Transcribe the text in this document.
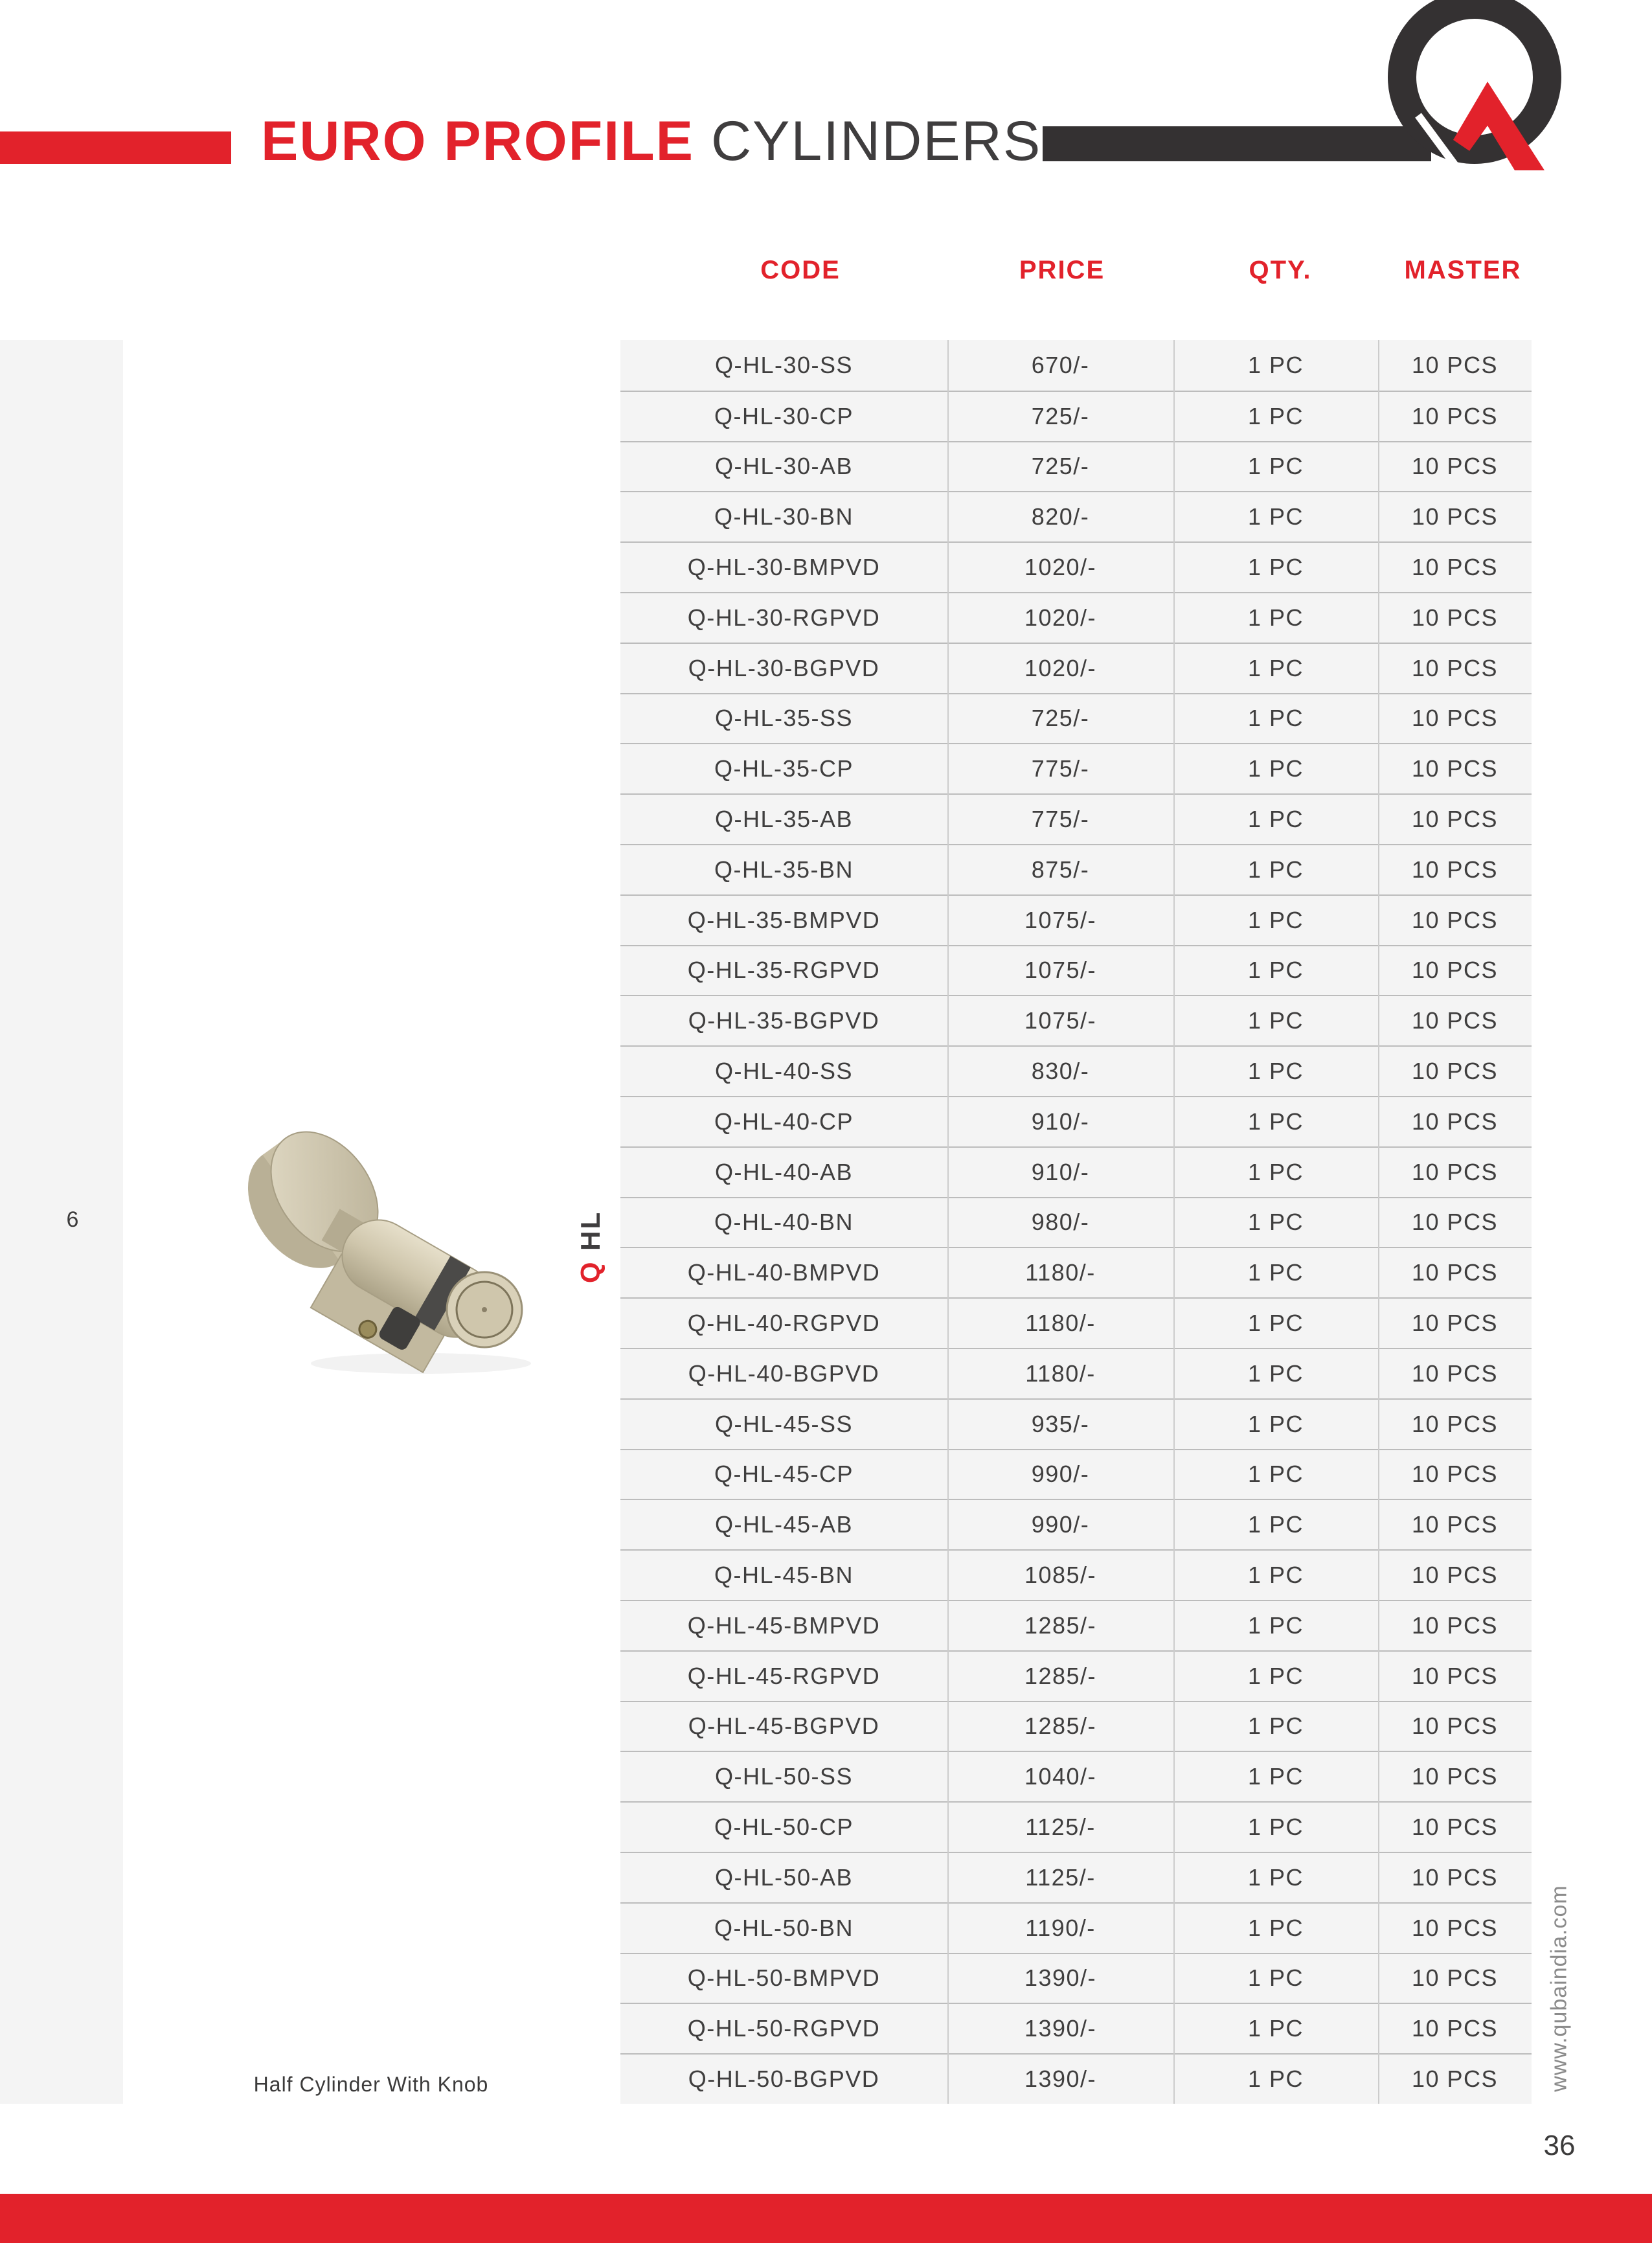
EURO PROFILE CYLINDERS
CODE	PRICE	QTY.	MASTER
6
Q HL
Q-HL-30-SS	670/-	1 PC	10 PCS
Q-HL-30-CP	725/-	1 PC	10 PCS
Q-HL-30-AB	725/-	1 PC	10 PCS
Q-HL-30-BN	820/-	1 PC	10 PCS
Q-HL-30-BMPVD	1020/-	1 PC	10 PCS
Q-HL-30-RGPVD	1020/-	1 PC	10 PCS
Q-HL-30-BGPVD	1020/-	1 PC	10 PCS
Q-HL-35-SS	725/-	1 PC	10 PCS
Q-HL-35-CP	775/-	1 PC	10 PCS
Q-HL-35-AB	775/-	1 PC	10 PCS
Q-HL-35-BN	875/-	1 PC	10 PCS
Q-HL-35-BMPVD	1075/-	1 PC	10 PCS
Q-HL-35-RGPVD	1075/-	1 PC	10 PCS
Q-HL-35-BGPVD	1075/-	1 PC	10 PCS
Q-HL-40-SS	830/-	1 PC	10 PCS
Q-HL-40-CP	910/-	1 PC	10 PCS
Q-HL-40-AB	910/-	1 PC	10 PCS
Q-HL-40-BN	980/-	1 PC	10 PCS
Q-HL-40-BMPVD	1180/-	1 PC	10 PCS
Q-HL-40-RGPVD	1180/-	1 PC	10 PCS
Q-HL-40-BGPVD	1180/-	1 PC	10 PCS
Q-HL-45-SS	935/-	1 PC	10 PCS
Q-HL-45-CP	990/-	1 PC	10 PCS
Q-HL-45-AB	990/-	1 PC	10 PCS
Q-HL-45-BN	1085/-	1 PC	10 PCS
Q-HL-45-BMPVD	1285/-	1 PC	10 PCS
Q-HL-45-RGPVD	1285/-	1 PC	10 PCS
Q-HL-45-BGPVD	1285/-	1 PC	10 PCS
Q-HL-50-SS	1040/-	1 PC	10 PCS
Q-HL-50-CP	1125/-	1 PC	10 PCS
Q-HL-50-AB	1125/-	1 PC	10 PCS
Q-HL-50-BN	1190/-	1 PC	10 PCS
Q-HL-50-BMPVD	1390/-	1 PC	10 PCS
Q-HL-50-RGPVD	1390/-	1 PC	10 PCS
Q-HL-50-BGPVD	1390/-	1 PC	10 PCS
Half Cylinder With Knob	www.qubaindia.com
36
